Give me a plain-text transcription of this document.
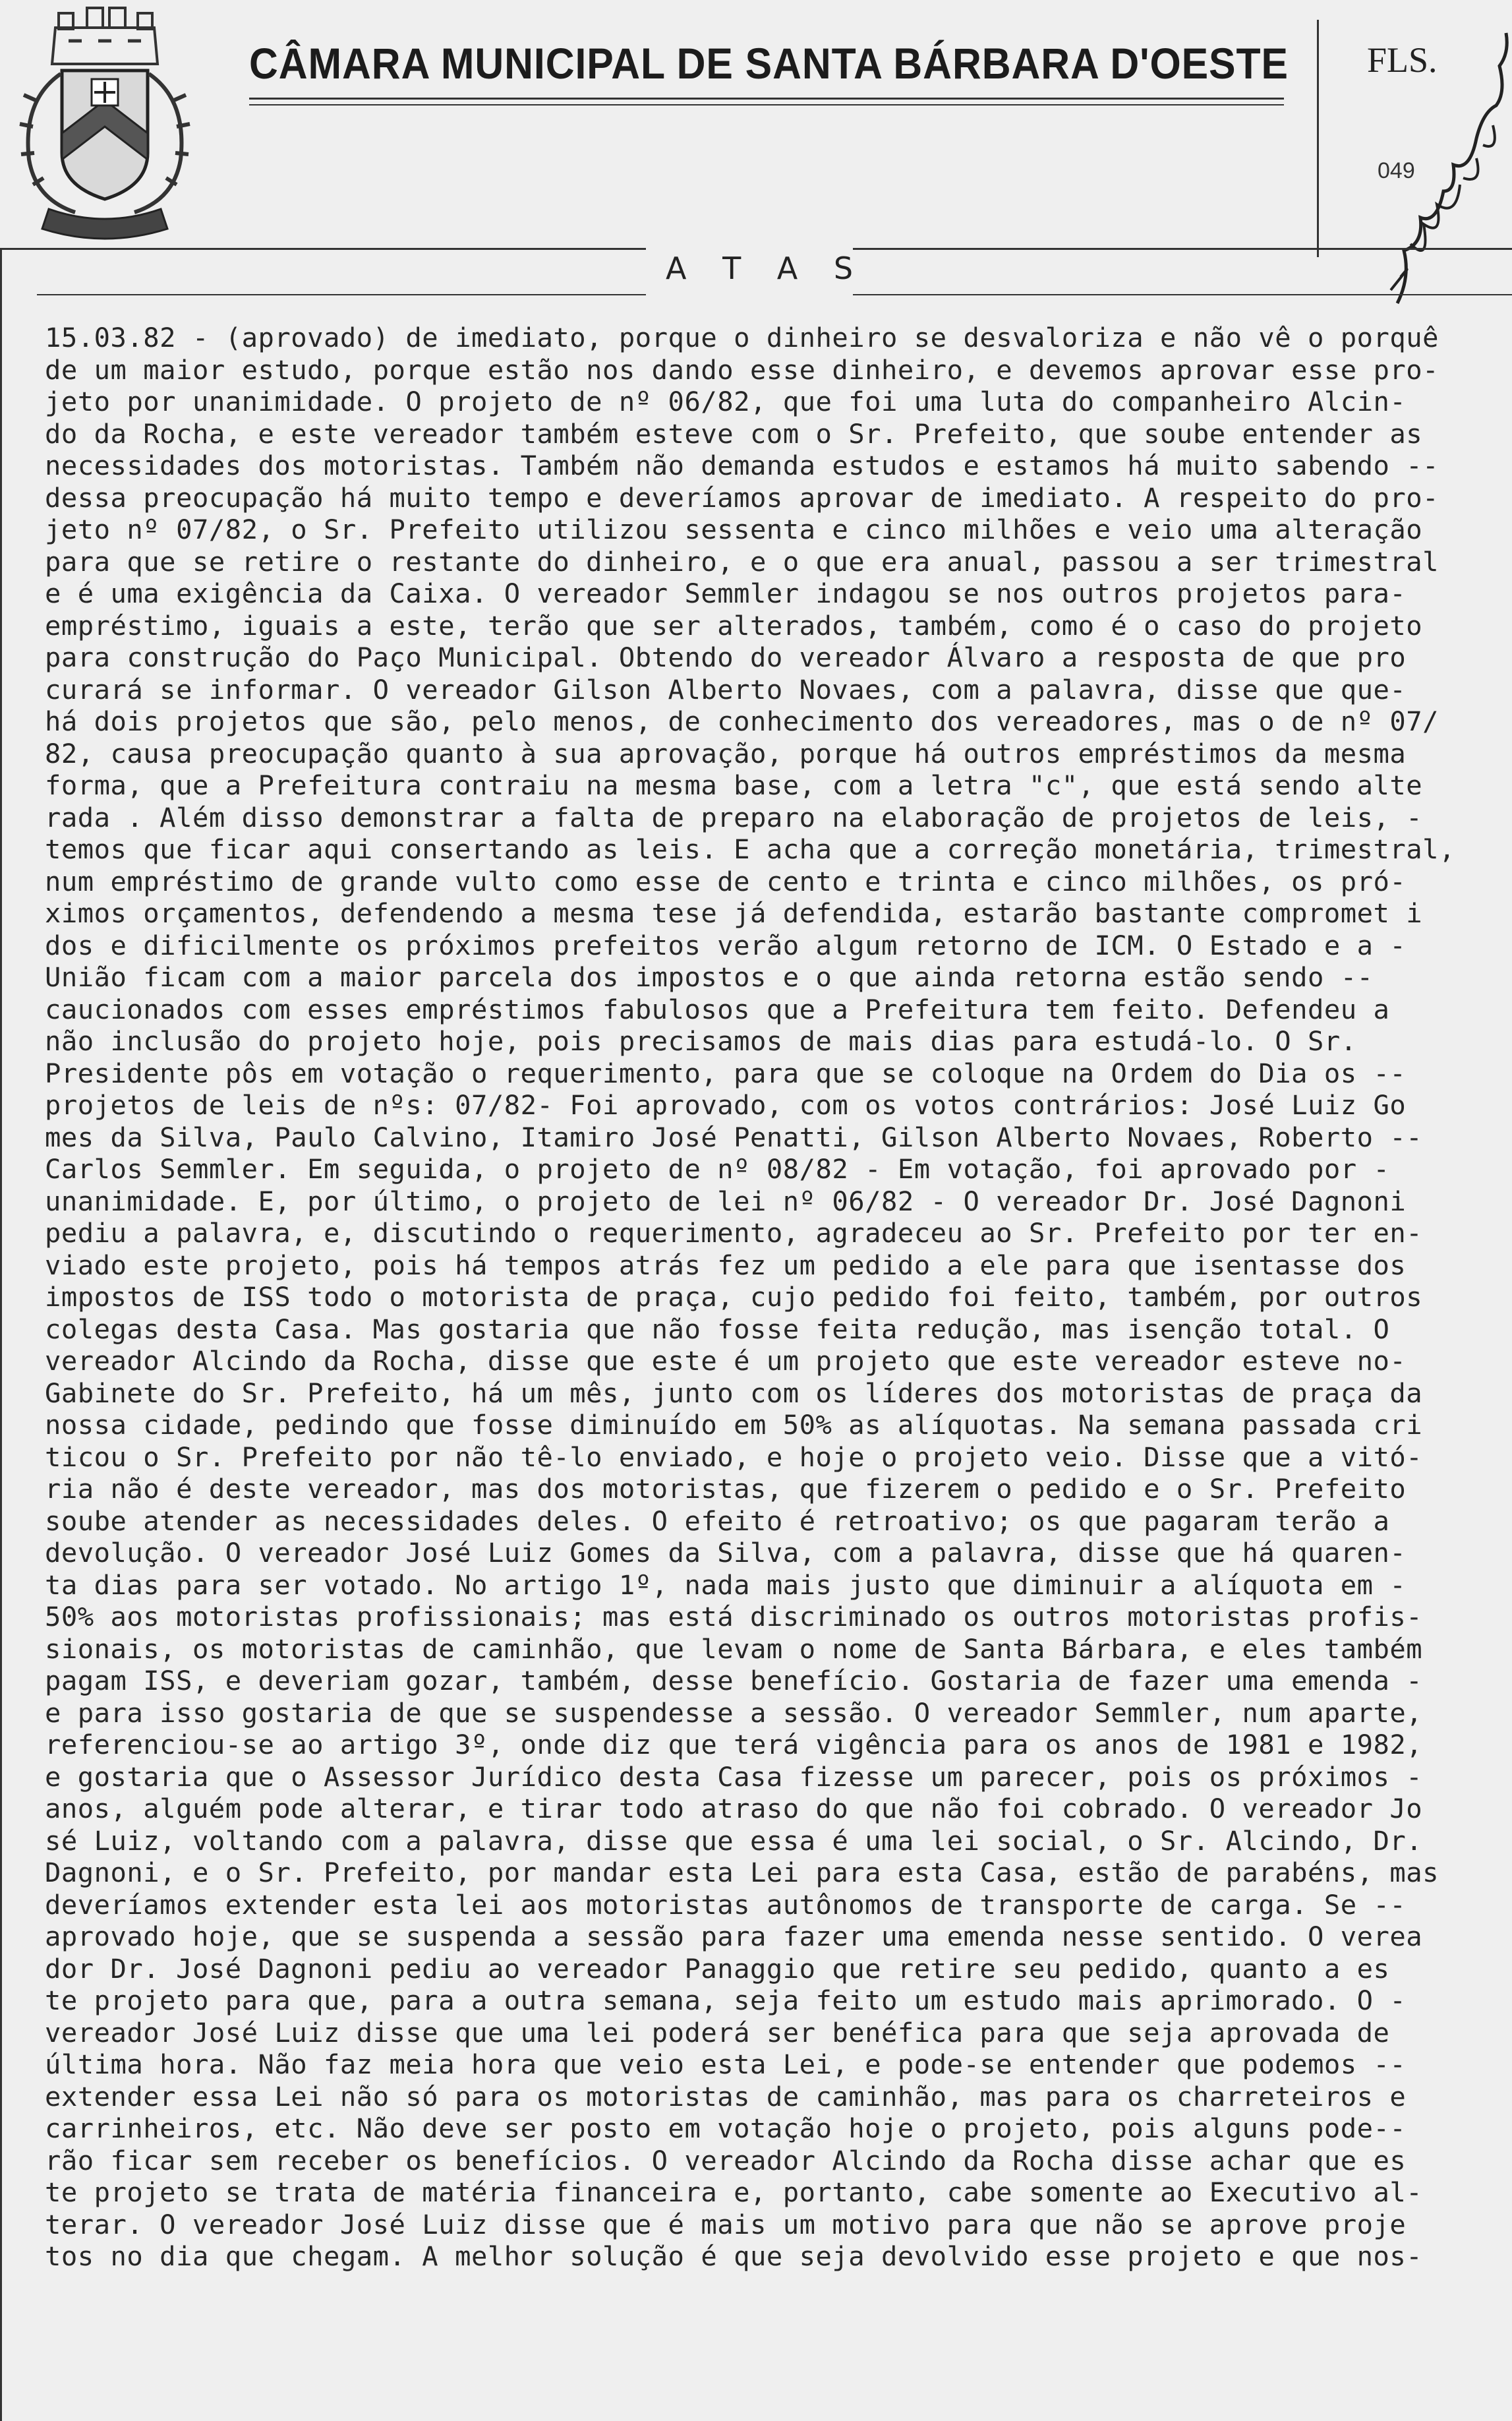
CÂMARA MUNICIPAL DE SANTA BÁRBARA D'OESTE FLS.
049
A T A S
15.03.82 - (aprovado) de imediato, porque o dinheiro se desvaloriza e não vê o porquê
de um maior estudo, porque estão nos dando esse dinheiro, e devemos aprovar esse pro-
jeto por unanimidade. O projeto de nº 06/82, que foi uma luta do companheiro Alcin-
do da Rocha, e este vereador também esteve com o Sr. Prefeito, que soube entender as
necessidades dos motoristas. Também não demanda estudos e estamos há muito sabendo --
dessa preocupação há muito tempo e deveríamos aprovar de imediato. A respeito do pro-
jeto nº 07/82, o Sr. Prefeito utilizou sessenta e cinco milhões e veio uma alteração
para que se retire o restante do dinheiro, e o que era anual, passou a ser trimestral
e é uma exigência da Caixa. O vereador Semmler indagou se nos outros projetos para-
empréstimo, iguais a este, terão que ser alterados, também, como é o caso do projeto
para construção do Paço Municipal. Obtendo do vereador Álvaro a resposta de que pro
curará se informar. O vereador Gilson Alberto Novaes, com a palavra, disse que que-
há dois projetos que são, pelo menos, de conhecimento dos vereadores, mas o de nº 07/
82, causa preocupação quanto à sua aprovação, porque há outros empréstimos da mesma
forma, que a Prefeitura contraiu na mesma base, com a letra "c", que está sendo alte
rada . Além disso demonstrar a falta de preparo na elaboração de projetos de leis, -
temos que ficar aqui consertando as leis. E acha que a correção monetária, trimestral,
num empréstimo de grande vulto como esse de cento e trinta e cinco milhões, os pró-
ximos orçamentos, defendendo a mesma tese já defendida, estarão bastante compromet i
dos e dificilmente os próximos prefeitos verão algum retorno de ICM. O Estado e a -
União ficam com a maior parcela dos impostos e o que ainda retorna estão sendo --
caucionados com esses empréstimos fabulosos que a Prefeitura tem feito. Defendeu a
não inclusão do projeto hoje, pois precisamos de mais dias para estudá-lo. O Sr.
Presidente pôs em votação o requerimento, para que se coloque na Ordem do Dia os --
projetos de leis de nºs: 07/82- Foi aprovado, com os votos contrários: José Luiz Go
mes da Silva, Paulo Calvino, Itamiro José Penatti, Gilson Alberto Novaes, Roberto --
Carlos Semmler. Em seguida, o projeto de nº 08/82 - Em votação, foi aprovado por -
unanimidade. E, por último, o projeto de lei nº 06/82 - O vereador Dr. José Dagnoni
pediu a palavra, e, discutindo o requerimento, agradeceu ao Sr. Prefeito por ter en-
viado este projeto, pois há tempos atrás fez um pedido a ele para que isentasse dos
impostos de ISS todo o motorista de praça, cujo pedido foi feito, também, por outros
colegas desta Casa. Mas gostaria que não fosse feita redução, mas isenção total. O
vereador Alcindo da Rocha, disse que este é um projeto que este vereador esteve no-
Gabinete do Sr. Prefeito, há um mês, junto com os líderes dos motoristas de praça da
nossa cidade, pedindo que fosse diminuído em 50% as alíquotas. Na semana passada cri
ticou o Sr. Prefeito por não tê-lo enviado, e hoje o projeto veio. Disse que a vitó-
ria não é deste vereador, mas dos motoristas, que fizerem o pedido e o Sr. Prefeito
soube atender as necessidades deles. O efeito é retroativo; os que pagaram terão a
devolução. O vereador José Luiz Gomes da Silva, com a palavra, disse que há quaren-
ta dias para ser votado. No artigo 1º, nada mais justo que diminuir a alíquota em -
50% aos motoristas profissionais; mas está discriminado os outros motoristas profis-
sionais, os motoristas de caminhão, que levam o nome de Santa Bárbara, e eles também
pagam ISS, e deveriam gozar, também, desse benefício. Gostaria de fazer uma emenda -
e para isso gostaria de que se suspendesse a sessão. O vereador Semmler, num aparte,
referenciou-se ao artigo 3º, onde diz que terá vigência para os anos de 1981 e 1982,
e gostaria que o Assessor Jurídico desta Casa fizesse um parecer, pois os próximos -
anos, alguém pode alterar, e tirar todo atraso do que não foi cobrado. O vereador Jo
sé Luiz, voltando com a palavra, disse que essa é uma lei social, o Sr. Alcindo, Dr.
Dagnoni, e o Sr. Prefeito, por mandar esta Lei para esta Casa, estão de parabéns, mas
deveríamos extender esta lei aos motoristas autônomos de transporte de carga. Se --
aprovado hoje, que se suspenda a sessão para fazer uma emenda nesse sentido. O verea
dor Dr. José Dagnoni pediu ao vereador Panaggio que retire seu pedido, quanto a es
te projeto para que, para a outra semana, seja feito um estudo mais aprimorado. O -
vereador José Luiz disse que uma lei poderá ser benéfica para que seja aprovada de
última hora. Não faz meia hora que veio esta Lei, e pode-se entender que podemos --
extender essa Lei não só para os motoristas de caminhão, mas para os charreteiros e
carrinheiros, etc. Não deve ser posto em votação hoje o projeto, pois alguns pode--
rão ficar sem receber os benefícios. O vereador Alcindo da Rocha disse achar que es
te projeto se trata de matéria financeira e, portanto, cabe somente ao Executivo al-
terar. O vereador José Luiz disse que é mais um motivo para que não se aprove proje
tos no dia que chegam. A melhor solução é que seja devolvido esse projeto e que nos-
